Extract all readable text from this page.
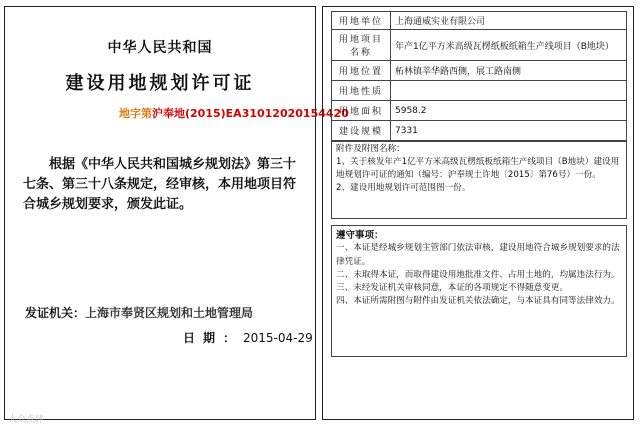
中华人民共和国
建设用地规划许可证
地字第沪奉地(2015)EA31012020154420
根据《中华人民共和国城乡规划法》第三十七条、第三十八条规定，经审核，本用地项目符合城乡规划要求，颁发此证。
发证机关：上海市奉贤区规划和土地管理局
日期：2015-04-29
用地单位	上海通威实业有限公司
用地项目名称	年产1亿平方米高级瓦楞纸板纸箱生产线项目（B地块）
用地位置	柘林镇莘华路西侧，展工路南侧
用地性质	
用地面积	5958.2
建设规模	7331
附件及附图名称：
1、关于核发年产1亿平方米高级瓦楞纸板纸箱生产线项目（B地块）建设用地规划许可证的通知（编号：沪奉规土许地〔2015〕第76号）一份。
2、建设用地规划许可范围图一份。
遵守事项：
一、本证是经城乡规划主管部门依法审核，建设用地符合城乡规划要求的法律凭证。
二、未取得本证，而取得建设用地批准文件、占用土地的，均属违法行为。
三、未经发证机关审核同意，本证的各项规定不得随意变更。
四、本证所需附图与附件由发证机关依法确定，与本证具有同等法律效力。
大众点评
